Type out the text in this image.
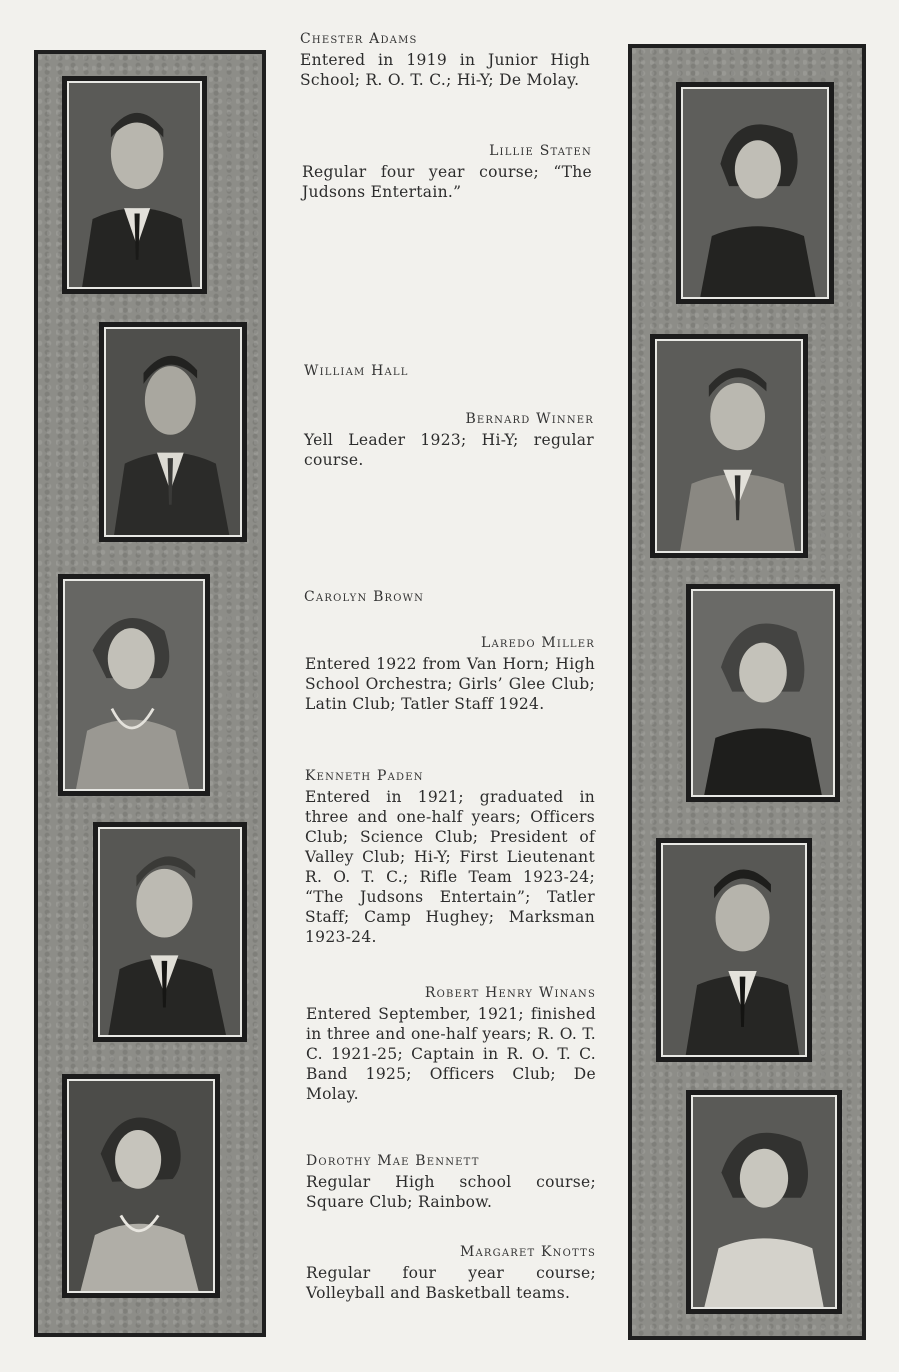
Chester Adams
Entered in 1919 in Junior High School; R. O. T. C.; Hi-Y; De Molay.
Lillie Staten
Regular four year course; “The Judsons Entertain.”
William Hall
Bernard Winner
Yell Leader 1923; Hi-Y; regular course.
Carolyn Brown
Laredo Miller
Entered 1922 from Van Horn; High School Orchestra; Girls’ Glee Club; Latin Club; Tatler Staff 1924.
Kenneth Paden
Entered in 1921; graduated in three and one-half years; Officers Club; Science Club; President of Valley Club; Hi-Y; First Lieutenant R. O. T. C.; Rifle Team 1923-24; “The Judsons Entertain”; Tatler Staff; Camp Hughey; Marksman 1923-24.
Robert Henry Winans
Entered September, 1921; finished in three and one-half years; R. O. T. C. 1921-25; Captain in R. O. T. C. Band 1925; Officers Club; De Molay.
Dorothy Mae Bennett
Regular High school course; Square Club; Rainbow.
Margaret Knotts
Regular four year course; Volleyball and Basketball teams.
